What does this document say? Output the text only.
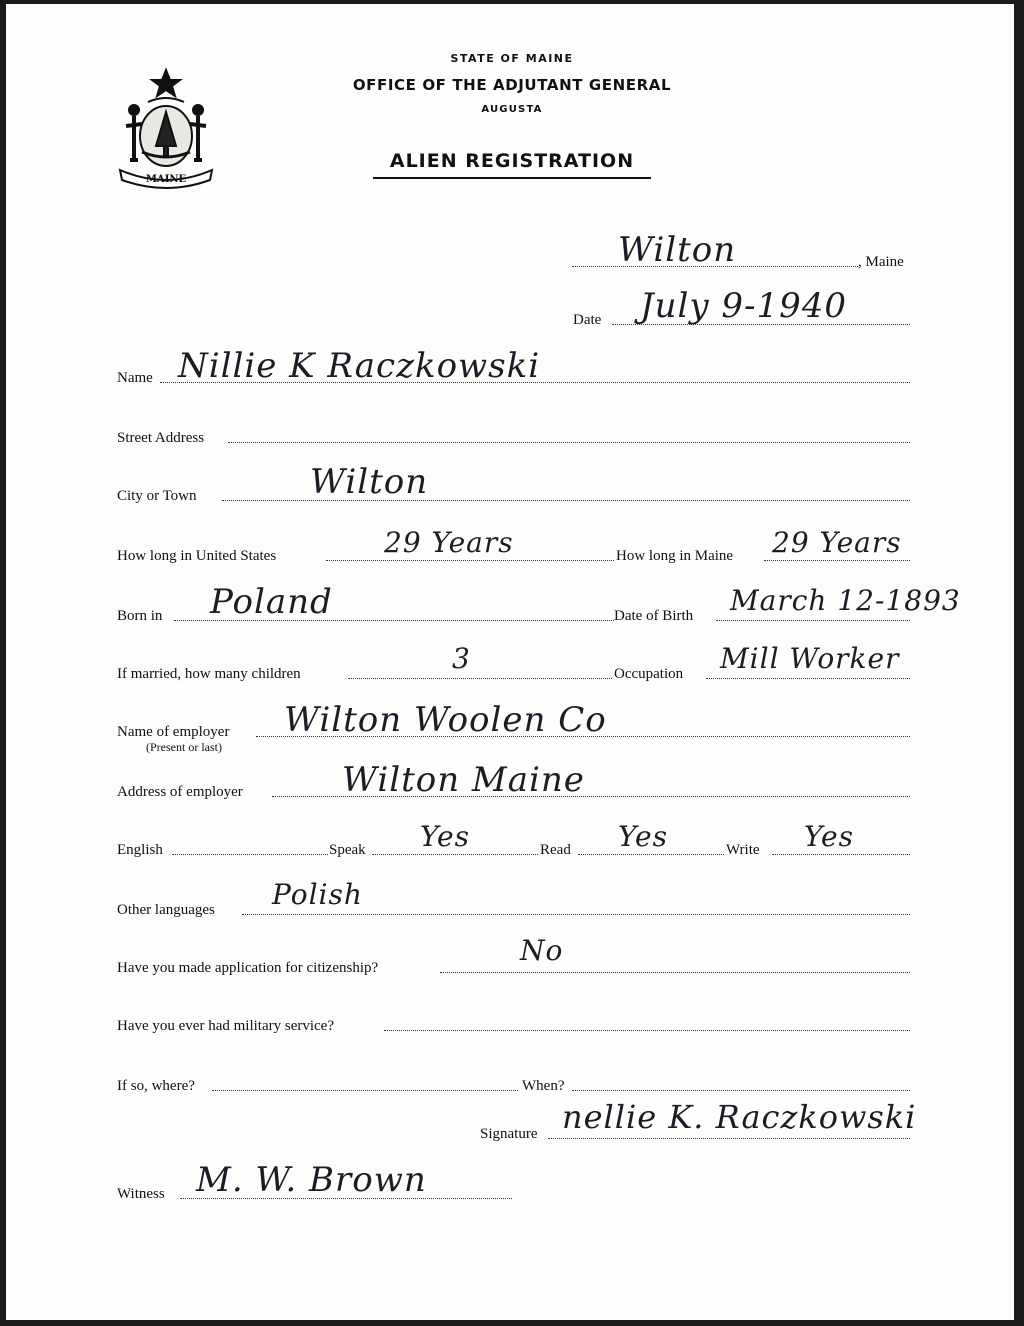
MAINE
STATE OF MAINE
OFFICE OF THE ADJUTANT GENERAL
AUGUSTA
ALIEN REGISTRATION
Wilton	, Maine
Date July 9-1940
Name Nillie K Raczkowski
Street Address
City or Town	Wilton
How long in United States	29 Years	How long in Maine 29 Years
Born in Poland	Date of Birth March 12-1893
If married, how many children	3	Occupation Mill Worker
Name of employer
(Present or last)
Wilton Woolen Co
Address of employer	Wilton Maine
English	Speak Yes	Read Yes	Write Yes
Other languages Polish
Have you made application for citizenship?
No
Have you ever had military service?
If so, where?	When?
Signature nellie K. Raczkowski
Witness M. W. Brown
